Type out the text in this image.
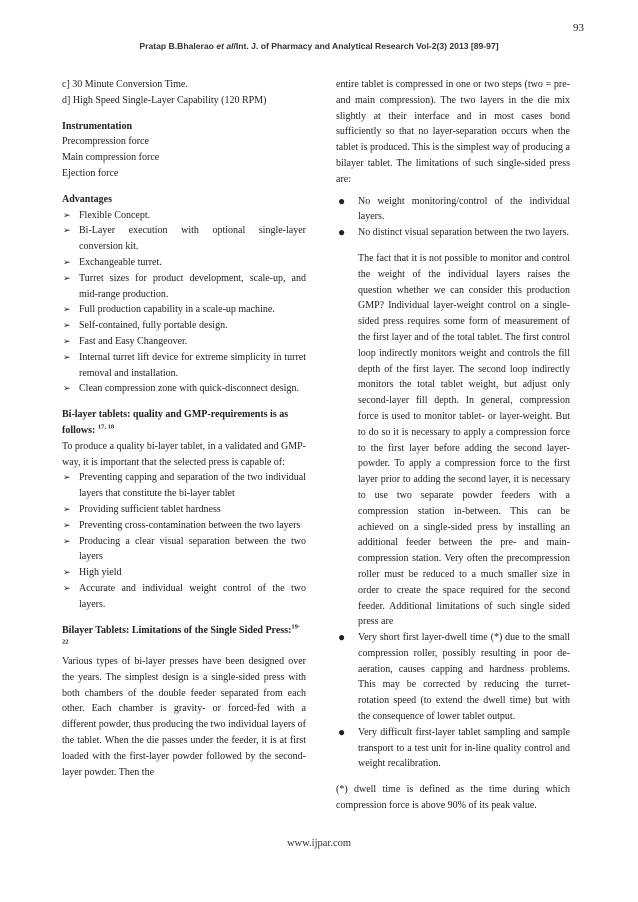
93
Pratap B.Bhalerao et al/Int. J. of Pharmacy and Analytical Research Vol-2(3) 2013 [89-97]

c] 30 Minute Conversion Time.

d] High Speed Single-Layer Capability (120 RPM)

Instrumentation

Precompression force

Main compression force

Ejection force

Advantages

➢ Flexible Concept.
➢ Bi-Layer execution with optional single-layer conversion kit.
➢ Exchangeable turret.
➢ Turret sizes for product development, scale-up, and mid-range production.
➢ Full production capability in a scale-up machine.
➢ Self-contained, fully portable design.
➢ Fast and Easy Changeover.
➢ Internal turret lift device for extreme simplicity in turret removal and installation.
➢ Clean compression zone with quick-disconnect design.

Bi-layer tablets: quality and GMP-requirements is as follows: $^{17, 18}$

To produce a quality bi-layer tablet, in a validated and GMP-way, it is important that the selected press is capable of:

➢ Preventing capping and separation of the two individual layers that constitute the bi-layer tablet
➢ Providing sufficient tablet hardness
➢ Preventing cross-contamination between the two layers
➢ Producing a clear visual separation between the two layers
➢ High yield
➢ Accurate and individual weight control of the two layers.

Bilayer Tablets: Limitations of the Single Sided Press:$^{19-22}$

Various types of bi-layer presses have been designed over the years. The simplest design is a single-sided press with both chambers of the double feeder separated from each other. Each chamber is gravity- or forced-fed with a different powder, thus producing the two individual layers of the tablet. When the die passes under the feeder, it is at first loaded with the first-layer powder followed by the second-layer powder. Then the

entire tablet is compressed in one or two steps (two = pre- and main compression). The two layers in the die mix slightly at their interface and in most cases bond sufficiently so that no layer-separation occurs when the tablet is produced. This is the simplest way of producing a bilayer tablet. The limitations of such single-sided press are:

● No weight monitoring/control of the individual layers.
● No distinct visual separation between the two layers.

The fact that it is not possible to monitor and control the weight of the individual layers raises the question whether we can consider this production GMP? Individual layer-weight control on a single-sided press requires some form of measurement of the first layer and of the total tablet. The first control loop indirectly monitors weight and controls the fill depth of the first layer. The second loop indirectly monitors the total tablet weight, but adjust only second-layer fill depth. In general, compression force is used to monitor tablet- or layer-weight. But to do so it is necessary to apply a compression force to the first layer before adding the second layer-powder. To apply a compression force to the first layer prior to adding the second layer, it is necessary to use two separate powder feeders with a compression station in-between. This can be achieved on a single-sided press by installing an additional feeder between the pre- and main-compression station. Very often the precompression roller must be reduced to a much smaller size in order to create the space required for the second feeder. Additional limitations of such single sided press are

● Very short first layer-dwell time (*) due to the small compression roller, possibly resulting in poor de-aeration, causes capping and hardness problems. This may be corrected by reducing the turret-rotation speed (to extend the dwell time) but with the consequence of lower tablet output.
● Very difficult first-layer tablet sampling and sample transport to a test unit for in-line quality control and weight recalibration.

(*) dwell time is defined as the time during which compression force is above 90% of its peak value.

www.ijpar.com
